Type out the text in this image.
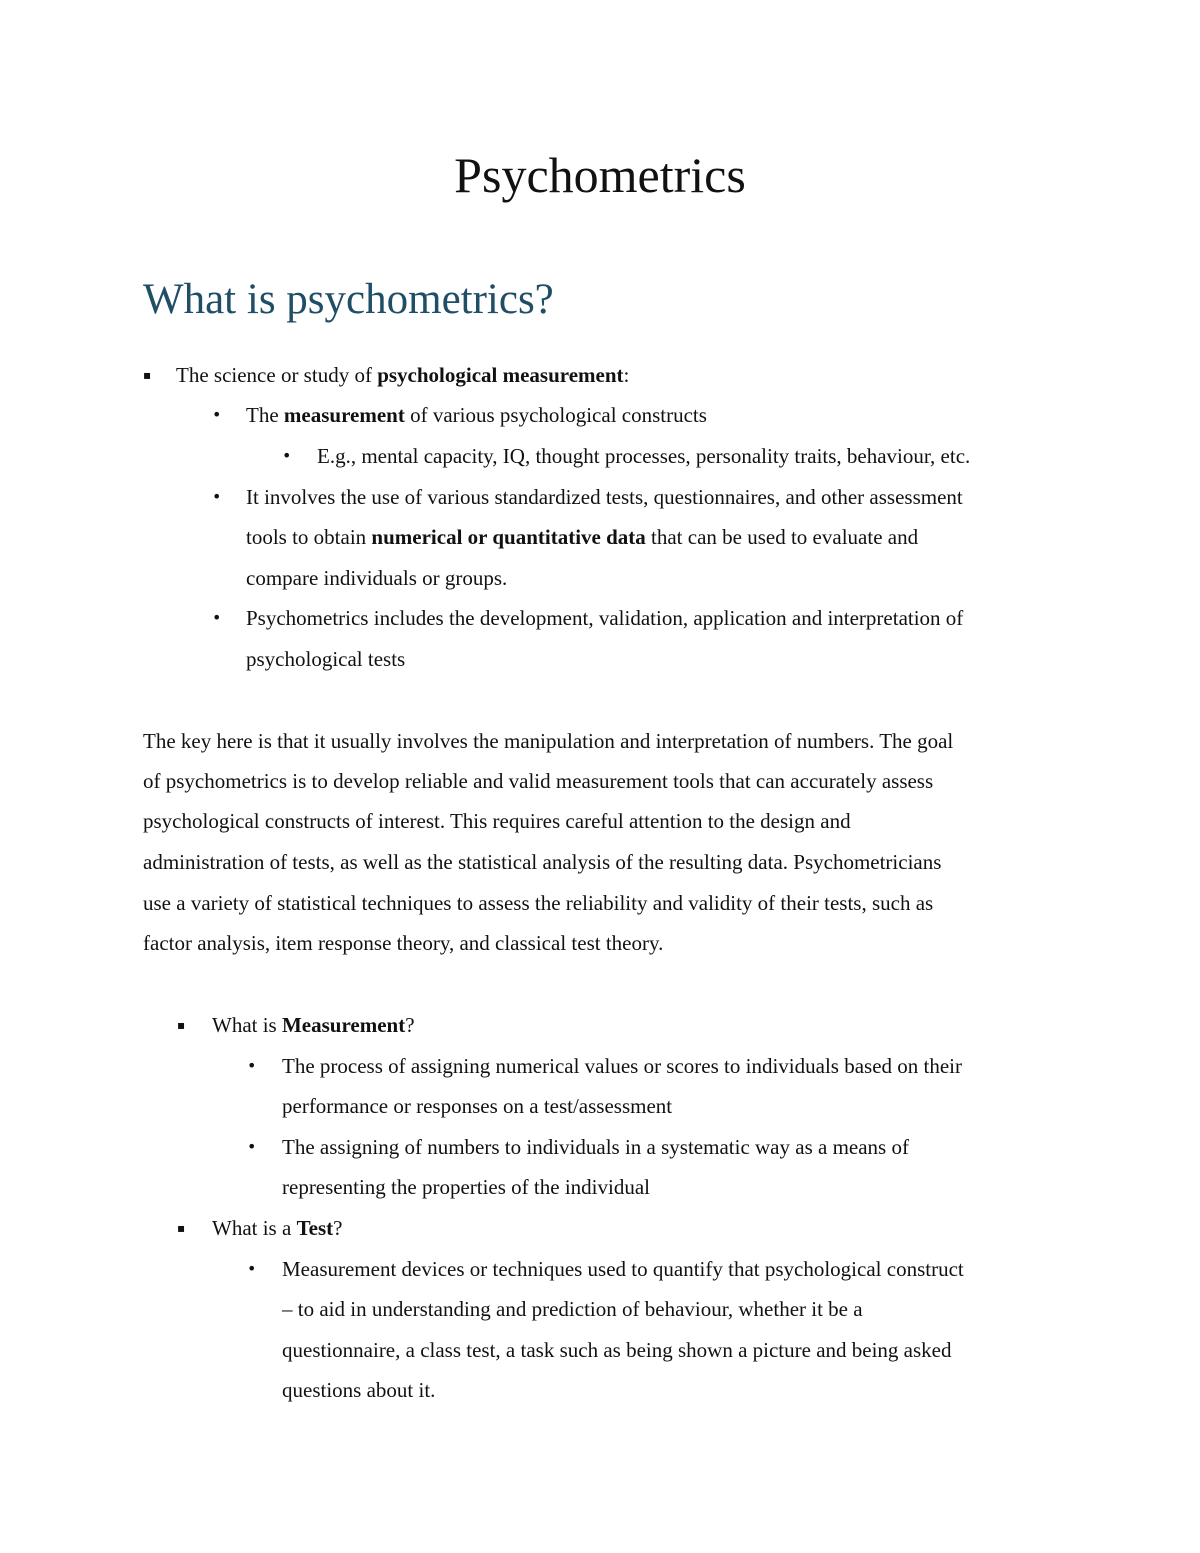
Psychometrics
What is psychometrics?
▪ The science or study of psychological measurement:
• The measurement of various psychological constructs
• E.g., mental capacity, IQ, thought processes, personality traits, behaviour, etc.
• It involves the use of various standardized tests, questionnaires, and other assessment
tools to obtain numerical or quantitative data that can be used to evaluate and
compare individuals or groups.
• Psychometrics includes the development, validation, application and interpretation of
psychological tests
The key here is that it usually involves the manipulation and interpretation of numbers. The goal
of psychometrics is to develop reliable and valid measurement tools that can accurately assess
psychological constructs of interest. This requires careful attention to the design and
administration of tests, as well as the statistical analysis of the resulting data. Psychometricians
use a variety of statistical techniques to assess the reliability and validity of their tests, such as
factor analysis, item response theory, and classical test theory.
▪ What is Measurement?
• The process of assigning numerical values or scores to individuals based on their
performance or responses on a test/assessment
• The assigning of numbers to individuals in a systematic way as a means of
representing the properties of the individual
▪ What is a Test?
• Measurement devices or techniques used to quantify that psychological construct
– to aid in understanding and prediction of behaviour, whether it be a
questionnaire, a class test, a task such as being shown a picture and being asked
questions about it.
